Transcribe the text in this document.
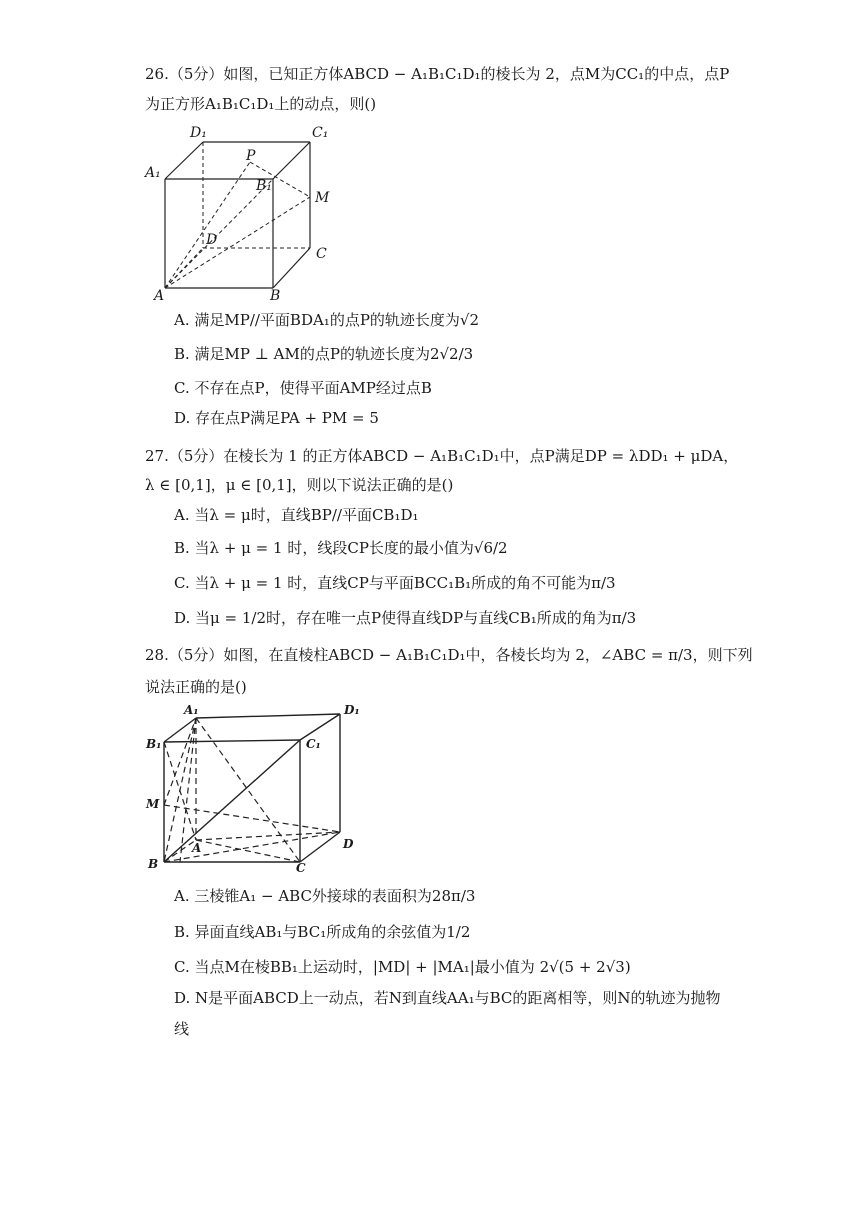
26.（5分）如图，已知正方体ABCD − A₁B₁C₁D₁的棱长为 2，点M为CC₁的中点，点P
为正方形A₁B₁C₁D₁上的动点，则()
D₁	C₁
A₁
P
B₁
M
D
C
A	B
A. 满足MP//平面BDA₁的点P的轨迹长度为√2
B. 满足MP ⊥ AM的点P的轨迹长度为2√2/3
C. 不存在点P，使得平面AMP经过点B
D. 存在点P满足PA + PM = 5
27.（5分）在棱长为 1 的正方体ABCD − A₁B₁C₁D₁中，点P满足DP = λDD₁ + μDA，
λ ∈ [0,1]，μ ∈ [0,1]，则以下说法正确的是()
A. 当λ = μ时，直线BP//平面CB₁D₁
B. 当λ + μ = 1 时，线段CP长度的最小值为√6/2
C. 当λ + μ = 1 时，直线CP与平面BCC₁B₁所成的角不可能为π/3
D. 当μ = 1/2时，存在唯一点P使得直线DP与直线CB₁所成的角为π/3
28.（5分）如图，在直棱柱ABCD − A₁B₁C₁D₁中，各棱长均为 2，∠ABC = π/3，则下列
说法正确的是()
A₁	D₁
B₁	C₁
M
B
A
C
D
A. 三棱锥A₁ − ABC外接球的表面积为28π/3
B. 异面直线AB₁与BC₁所成角的余弦值为1/2
C. 当点M在棱BB₁上运动时，|MD| + |MA₁|最小值为 2√(5 + 2√3)
D. N是平面ABCD上一动点，若N到直线AA₁与BC的距离相等，则N的轨迹为抛物
线
